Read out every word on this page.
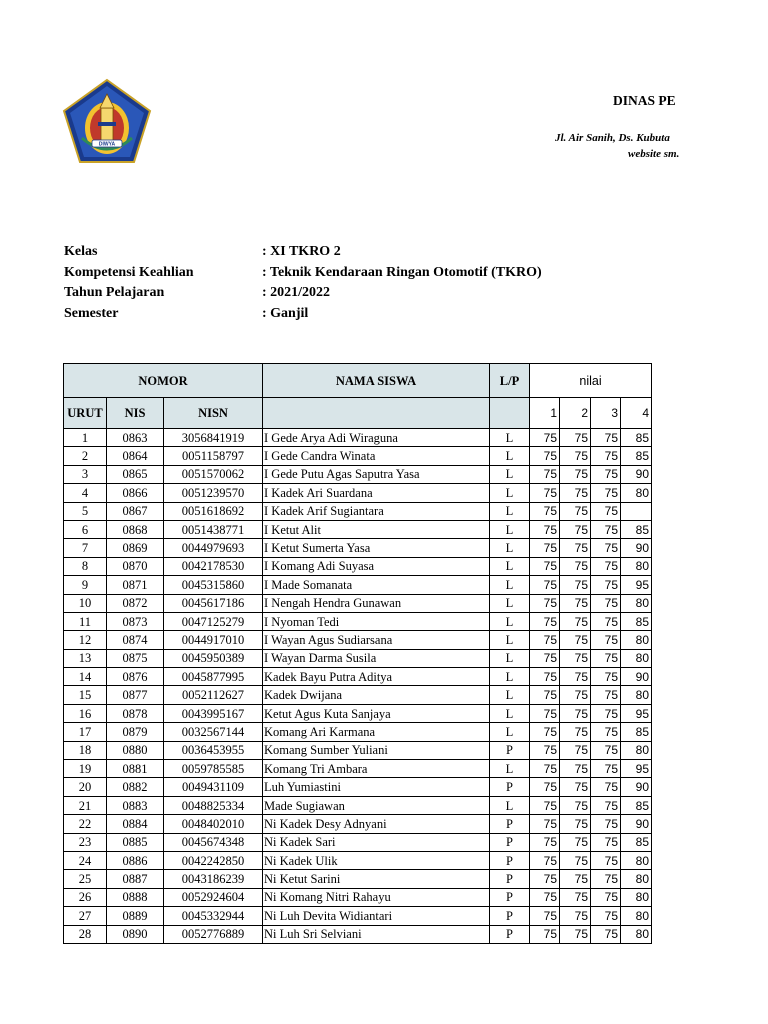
DIWYA
DINAS PE
Jl. Air Sanih, Ds. Kubuta
website sm.
Kelas	: XI TKRO 2
Kompetensi Keahlian	: Teknik Kendaraan Ringan Otomotif (TKRO)
Tahun Pelajaran	: 2021/2022
Semester	: Ganjil
NOMOR			NAMA SISWA	L/P	nilai			
URUT	NIS	NISN						
					1	2	3	4
1	0863	3056841919	I Gede Arya Adi Wiraguna	L	75	75	75	85
2	0864	0051158797	I Gede Candra Winata	L	75	75	75	85
3	0865	0051570062	I Gede Putu Agas Saputra Yasa	L	75	75	75	90
4	0866	0051239570	I Kadek Ari Suardana	L	75	75	75	80
5	0867	0051618692	I Kadek Arif Sugiantara	L	75	75	75	
6	0868	0051438771	I Ketut Alit	L	75	75	75	85
7	0869	0044979693	I Ketut Sumerta Yasa	L	75	75	75	90
8	0870	0042178530	I Komang Adi Suyasa	L	75	75	75	80
9	0871	0045315860	I Made Somanata	L	75	75	75	95
10	0872	0045617186	I Nengah Hendra Gunawan	L	75	75	75	80
11	0873	0047125279	I Nyoman Tedi	L	75	75	75	85
12	0874	0044917010	I Wayan Agus Sudiarsana	L	75	75	75	80
13	0875	0045950389	I Wayan Darma Susila	L	75	75	75	80
14	0876	0045877995	Kadek Bayu Putra Aditya	L	75	75	75	90
15	0877	0052112627	Kadek Dwijana	L	75	75	75	80
16	0878	0043995167	Ketut Agus Kuta Sanjaya	L	75	75	75	95
17	0879	0032567144	Komang Ari Karmana	L	75	75	75	85
18	0880	0036453955	Komang Sumber Yuliani	P	75	75	75	80
19	0881	0059785585	Komang Tri Ambara	L	75	75	75	95
20	0882	0049431109	Luh Yumiastini	P	75	75	75	90
21	0883	0048825334	Made Sugiawan	L	75	75	75	85
22	0884	0048402010	Ni Kadek Desy Adnyani	P	75	75	75	90
23	0885	0045674348	Ni Kadek Sari	P	75	75	75	85
24	0886	0042242850	Ni Kadek Ulik	P	75	75	75	80
25	0887	0043186239	Ni Ketut Sarini	P	75	75	75	80
26	0888	0052924604	Ni Komang Nitri Rahayu	P	75	75	75	80
27	0889	0045332944	Ni Luh Devita Widiantari	P	75	75	75	80
28	0890	0052776889	Ni Luh Sri Selviani	P	75	75	75	80
